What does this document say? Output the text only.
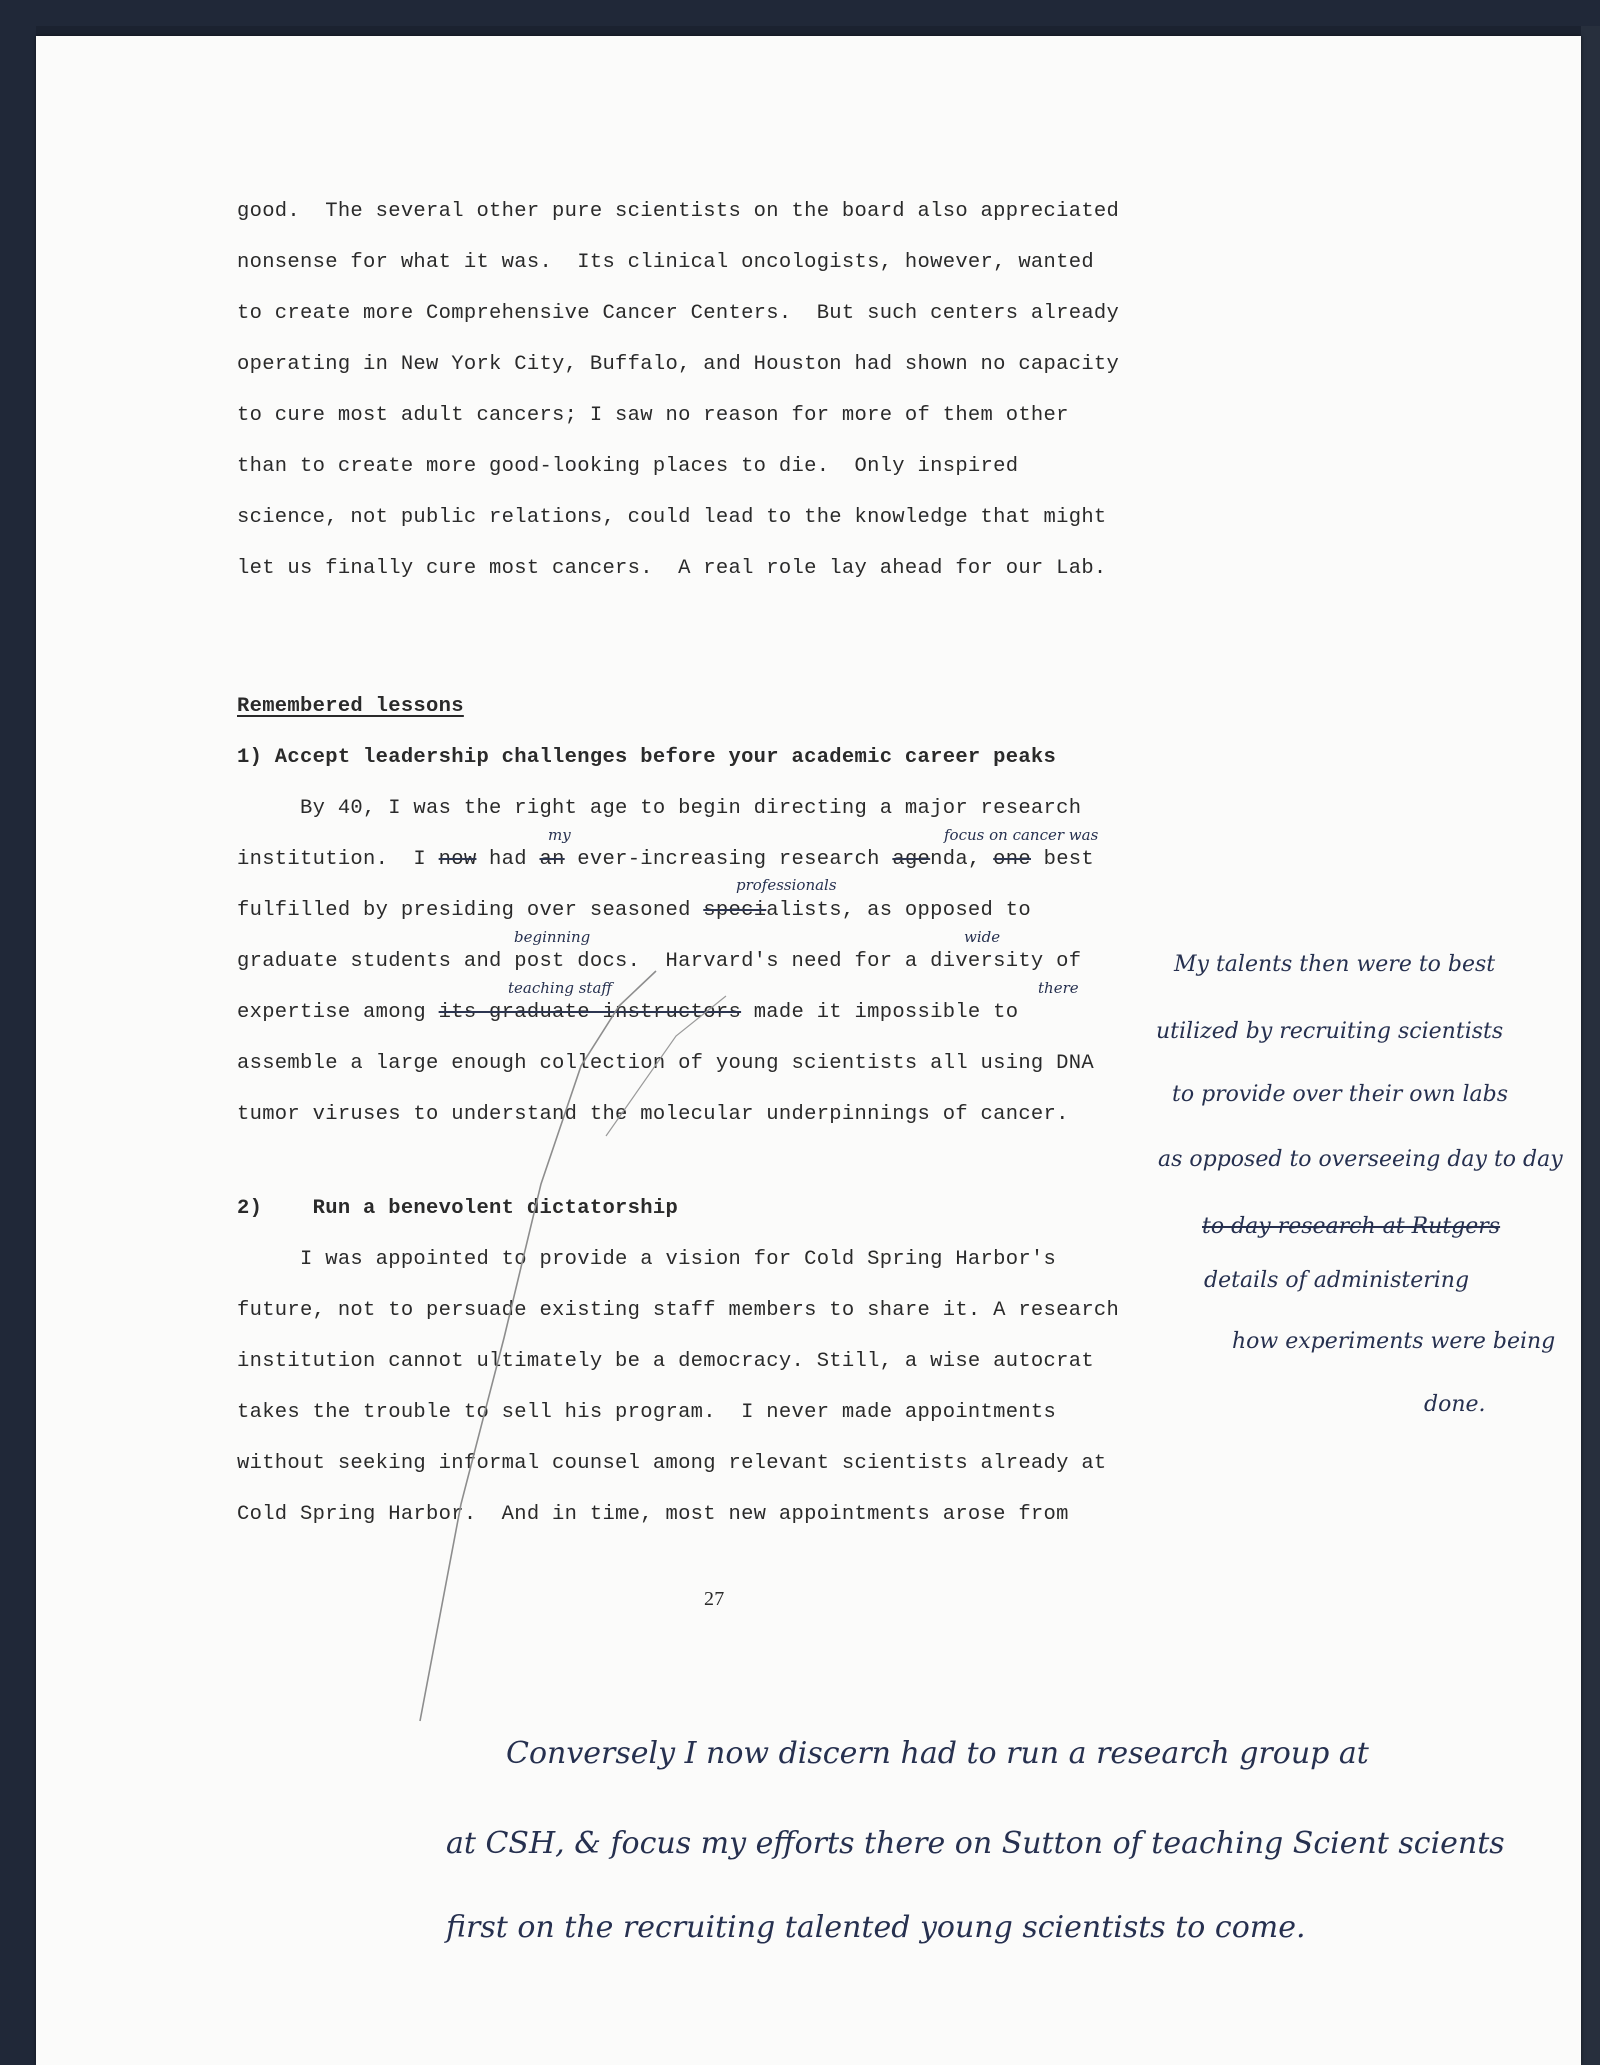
good.  The several other pure scientists on the board also appreciated
nonsense for what it was.  Its clinical oncologists, however, wanted
to create more Comprehensive Cancer Centers.  But such centers already
operating in New York City, Buffalo, and Houston had shown no capacity
to cure most adult cancers; I saw no reason for more of them other
than to create more good-looking places to die.  Only inspired
science, not public relations, could lead to the knowledge that might
let us finally cure most cancers.  A real role lay ahead for our Lab.
Remembered lessons
1) Accept leadership challenges before your academic career peaks
By 40, I was the right age to begin directing a major research
institution.  I now had an ever-increasing research agenda, one best
fulfilled by presiding over seasoned specialists, as opposed to
graduate students and post docs.  Harvard's need for a diversity of
expertise among its graduate instructors made it impossible to
assemble a large enough collection of young scientists all using DNA
tumor viruses to understand the molecular underpinnings of cancer.
2)    Run a benevolent dictatorship
I was appointed to provide a vision for Cold Spring Harbor's
future, not to persuade existing staff members to share it. A research
institution cannot ultimately be a democracy. Still, a wise autocrat
takes the trouble to sell his program.  I never made appointments
without seeking informal counsel among relevant scientists already at
Cold Spring Harbor.  And in time, most new appointments arose from
27
my	focus on cancer was
professionals
beginning	wide
teaching staff	there
My talents then were to best
utilized by recruiting scientists
to provide over their own labs
as opposed to overseeing day to day
to day research at Rutgers
details of administering
how experiments were being
done.
Conversely I now discern had to run a research group at
at CSH, & focus my efforts there on Sutton of teaching Scient scients
first on the recruiting talented young scientists to come.
